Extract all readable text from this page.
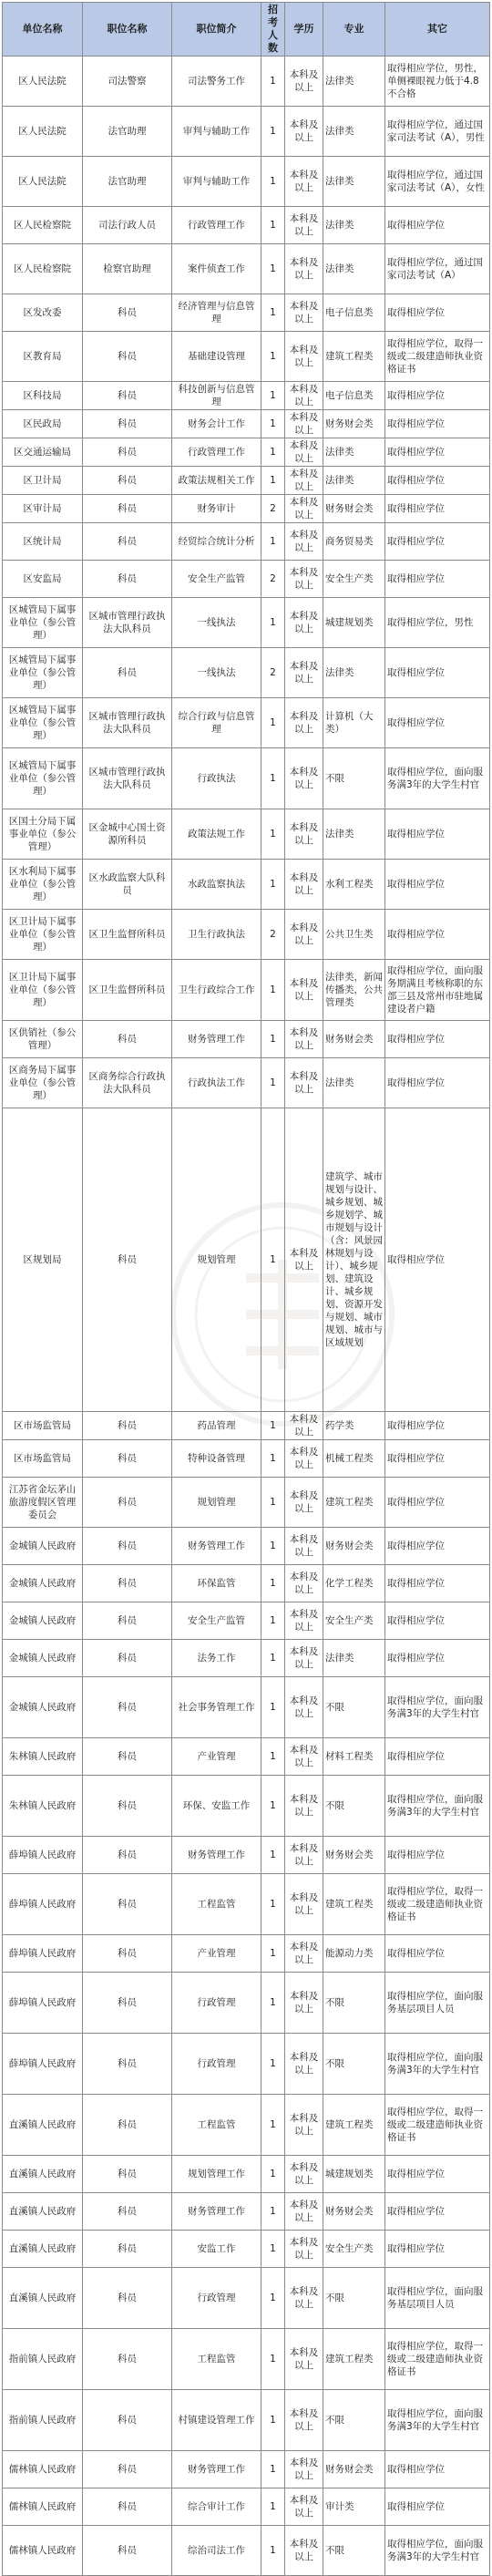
单位名称	职位名称	职位简介	招考人数	学历	专业	其它
区人民法院	司法警察	司法警务工作	1	本科及以上	法律类	取得相应学位，男性，单侧裸眼视力低于4.8不合格
区人民法院	法官助理	审判与辅助工作	1	本科及以上	法律类	取得相应学位，通过国家司法考试（A），男性
区人民法院	法官助理	审判与辅助工作	1	本科及以上	法律类	取得相应学位，通过国家司法考试（A），女性
区人民检察院	司法行政人员	行政管理工作	1	本科及以上	法律类	取得相应学位
区人民检察院	检察官助理	案件侦查工作	1	本科及以上	法律类	取得相应学位，通过国家司法考试（A）
区发改委	科员	经济管理与信息管理	1	本科及以上	电子信息类	取得相应学位
区教育局	科员	基础建设管理	1	本科及以上	建筑工程类	取得相应学位，取得一级或二级建造师执业资格证书
区科技局	科员	科技创新与信息管理	1	本科及以上	电子信息类	取得相应学位
区民政局	科员	财务会计工作	1	本科及以上	财务财会类	取得相应学位
区交通运输局	科员	行政管理工作	1	本科及以上	法律类	取得相应学位
区卫计局	科员	政策法规相关工作	1	本科及以上	法律类	取得相应学位
区审计局	科员	财务审计	2	本科及以上	财务财会类	取得相应学位
区统计局	科员	经贸综合统计分析	1	本科及以上	商务贸易类	取得相应学位
区安监局	科员	安全生产监管	2	本科及以上	安全生产类	取得相应学位
区城管局下属事业单位（参公管理）	区城市管理行政执法大队科员	一线执法	1	本科及以上	城建规划类	取得相应学位，男性
区城管局下属事业单位（参公管理）	科员	一线执法	2	本科及以上	法律类	取得相应学位
区城管局下属事业单位（参公管理）	区城市管理行政执法大队科员	综合行政与信息管理	1	本科及以上	计算机（大类）	取得相应学位
区城管局下属事业单位（参公管理）	区城市管理行政执法大队科员	行政执法	1	本科及以上	不限	取得相应学位，面向服务满3年的大学生村官
区国土分局下属事业单位（参公管理）	区金城中心国土资源所科员	政策法规工作	1	本科及以上	法律类	取得相应学位
区水利局下属事业单位（参公管理）	区水政监察大队科员	水政监察执法	1	本科及以上	水利工程类	取得相应学位
区卫计局下属事业单位（参公管理）	区卫生监督所科员	卫生行政执法	2	本科及以上	公共卫生类	取得相应学位
区卫计局下属事业单位（参公管理）	区卫生监督所科员	卫生行政综合工作	1	本科及以上	法律类，新闻传播类，公共管理类	取得相应学位，面向服务期满且考核称职的东部三县及常州市驻地属建设者户籍
区供销社（参公管理）	科员	财务管理工作	1	本科及以上	财务财会类	取得相应学位
区商务局下属事业单位（参公管理）	区商务综合行政执法大队科员	行政执法工作	1	本科及以上	法律类	取得相应学位
区规划局	科员	规划管理	1	本科及以上	建筑学、城市规划与设计、城乡规划、城乡规划学、城市规划与设计（含：风景园林规划与设计）、城乡规划、建筑设计、城乡规划、资源开发与规划、城市规划、城市与区域规划	取得相应学位
区市场监管局	科员	药品管理	1	本科及以上	药学类	取得相应学位
区市场监管局	科员	特种设备管理	1	本科及以上	机械工程类	取得相应学位
江苏省金坛茅山旅游度假区管理委员会	科员	规划管理	1	本科及以上	建筑工程类	取得相应学位
金城镇人民政府	科员	财务管理工作	1	本科及以上	财务财会类	取得相应学位
金城镇人民政府	科员	环保监管	1	本科及以上	化学工程类	取得相应学位
金城镇人民政府	科员	安全生产监管	1	本科及以上	安全生产类	取得相应学位
金城镇人民政府	科员	法务工作	1	本科及以上	法律类	取得相应学位
金城镇人民政府	科员	社会事务管理工作	1	本科及以上	不限	取得相应学位，面向服务满3年的大学生村官
朱林镇人民政府	科员	产业管理	1	本科及以上	材料工程类	取得相应学位
朱林镇人民政府	科员	环保、安监工作	1	本科及以上	不限	取得相应学位，面向服务满3年的大学生村官
薛埠镇人民政府	科员	财务管理工作	1	本科及以上	财务财会类	取得相应学位
薛埠镇人民政府	科员	工程监管	1	本科及以上	建筑工程类	取得相应学位，取得一级或二级建造师执业资格证书
薛埠镇人民政府	科员	产业管理	1	本科及以上	能源动力类	取得相应学位
薛埠镇人民政府	科员	行政管理	1	本科及以上	不限	取得相应学位，面向服务基层项目人员
薛埠镇人民政府	科员	行政管理	1	本科及以上	不限	取得相应学位，面向服务满3年的大学生村官
直溪镇人民政府	科员	工程监管	1	本科及以上	建筑工程类	取得相应学位，取得一级或二级建造师执业资格证书
直溪镇人民政府	科员	规划管理工作	1	本科及以上	城建规划类	取得相应学位
直溪镇人民政府	科员	财务管理工作	1	本科及以上	财务财会类	取得相应学位
直溪镇人民政府	科员	安监工作	1	本科及以上	安全生产类	取得相应学位
直溪镇人民政府	科员	行政管理	1	本科及以上	不限	取得相应学位，面向服务基层项目人员
指前镇人民政府	科员	工程监管	1	本科及以上	建筑工程类	取得相应学位，取得一级或二级建造师执业资格证书
指前镇人民政府	科员	村镇建设管理工作	1	本科及以上	不限	取得相应学位，面向服务满3年的大学生村官
儒林镇人民政府	科员	财务管理工作	1	本科及以上	财务财会类	取得相应学位
儒林镇人民政府	科员	综合审计工作	1	本科及以上	审计类	取得相应学位
儒林镇人民政府	科员	综治司法工作	1	本科及以上	不限	取得相应学位，面向服务满3年的大学生村官
